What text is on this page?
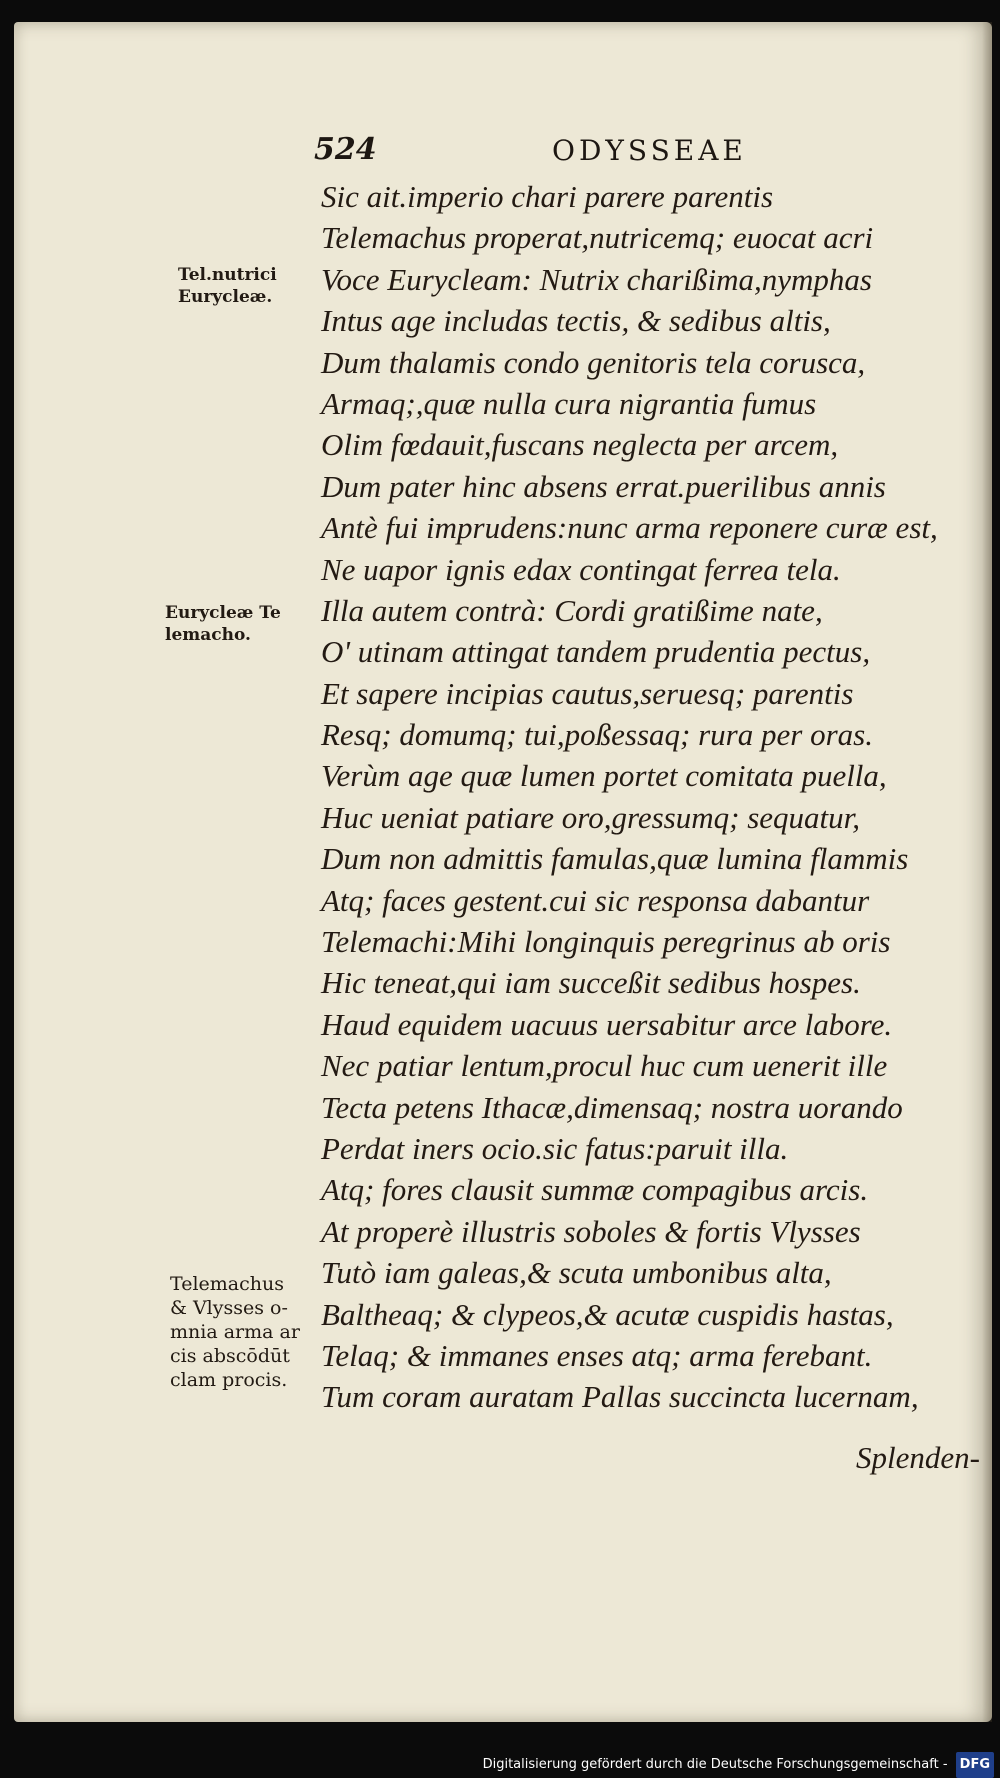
524	ODYSSEAE
Tel.nutrici
Eurycleæ.
Eurycleæ Te
lemacho.
Telemachus
& Vlysses o-
mnia arma ar
cis abscōdūt
clam procis.
Sic ait.imperio chari parere parentis
Telemachus properat,nutricemq; euocat acri
Voce Eurycleam: Nutrix charißima,nymphas
Intus age includas tectis, & sedibus altis,
Dum thalamis condo genitoris tela corusca,
Armaq;,quæ nulla cura nigrantia fumus
Olim fœdauit,fuscans neglecta per arcem,
Dum pater hinc absens errat.puerilibus annis
Antè fui imprudens:nunc arma reponere curæ est,
Ne uapor ignis edax contingat ferrea tela.
Illa autem contrà: Cordi gratißime nate,
O' utinam attingat tandem prudentia pectus,
Et sapere incipias cautus,seruesq; parentis
Resq; domumq; tui,poßessaq; rura per oras.
Verùm age quæ lumen portet comitata puella,
Huc ueniat patiare oro,gressumq; sequatur,
Dum non admittis famulas,quæ lumina flammis
Atq; faces gestent.cui sic responsa dabantur
Telemachi:Mihi longinquis peregrinus ab oris
Hic teneat,qui iam succeßit sedibus hospes.
Haud equidem uacuus uersabitur arce labore.
Nec patiar lentum,procul huc cum uenerit ille
Tecta petens Ithacæ,dimensaq; nostra uorando
Perdat iners ocio.sic fatus:paruit illa.
Atq; fores clausit summæ compagibus arcis.
At properè illustris soboles & fortis Vlysses
Tutò iam galeas,& scuta umbonibus alta,
Baltheaq; & clypeos,& acutæ cuspidis hastas,
Telaq; & immanes enses atq; arma ferebant.
Tum coram auratam Pallas succincta lucernam,
Splenden-
Digitalisierung gefördert durch die Deutsche Forschungsgemeinschaft - DFG
